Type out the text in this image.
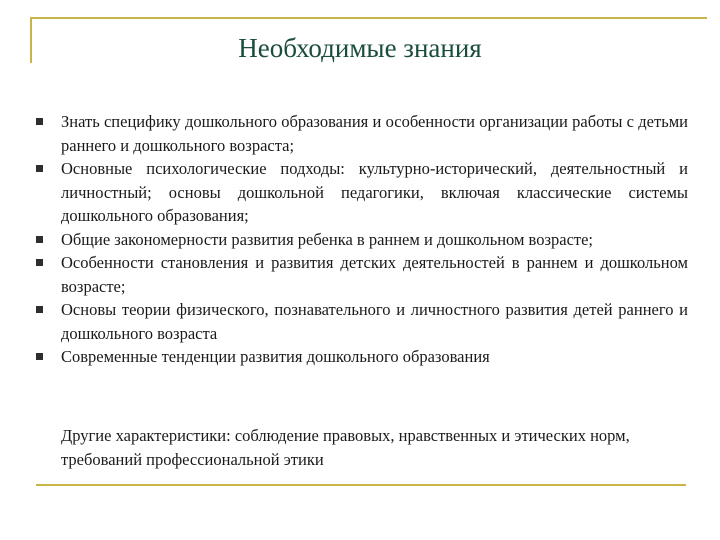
Необходимые знания
Знать специфику дошкольного образования и особенности организации работы с детьми раннего и дошкольного возраста;
Основные психологические подходы: культурно-исторический, деятельностный и личностный; основы дошкольной педагогики, включая классические системы дошкольного образования;
Общие закономерности развития ребенка в раннем и дошкольном возрасте;
Особенности становления и развития детских деятельностей в раннем и дошкольном возрасте;
Основы теории физического, познавательного и личностного развития детей раннего и дошкольного возраста
Современные тенденции развития дошкольного образования

Другие характеристики: соблюдение правовых, нравственных и этических норм, требований профессиональной этики
